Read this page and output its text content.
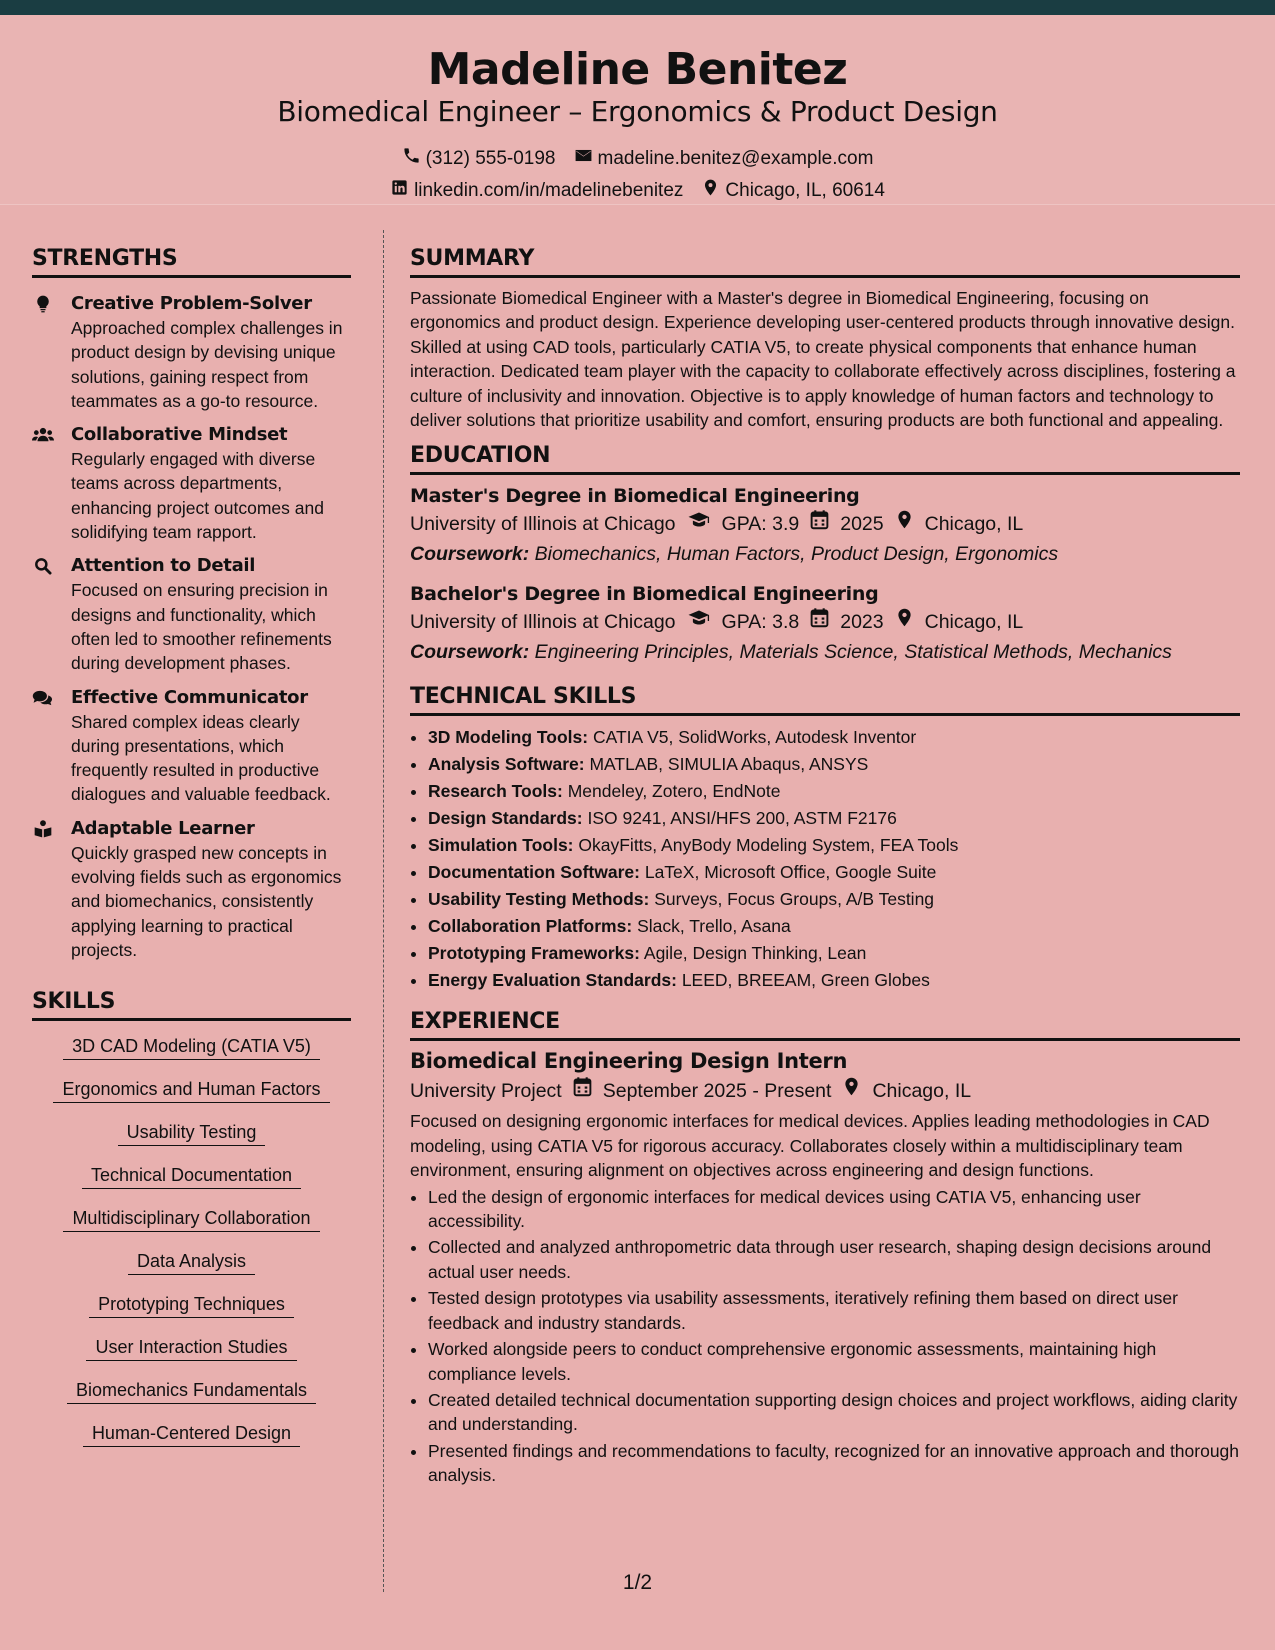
Madeline Benitez
Biomedical Engineer – Ergonomics & Product Design
(312) 555-0198 madeline.benitez@example.com
linkedin.com/in/madelinebenitez Chicago, IL, 60614
STRENGTHS
Creative Problem-Solver
Approached complex challenges in product design by devising unique solutions, gaining respect from teammates as a go-to resource.
Collaborative Mindset
Regularly engaged with diverse teams across departments, enhancing project outcomes and solidifying team rapport.
Attention to Detail
Focused on ensuring precision in designs and functionality, which often led to smoother refinements during development phases.
Effective Communicator
Shared complex ideas clearly during presentations, which frequently resulted in productive dialogues and valuable feedback.
Adaptable Learner
Quickly grasped new concepts in evolving fields such as ergonomics and biomechanics, consistently applying learning to practical projects.
SKILLS
3D CAD Modeling (CATIA V5)
Ergonomics and Human Factors
Usability Testing
Technical Documentation
Multidisciplinary Collaboration
Data Analysis
Prototyping Techniques
User Interaction Studies
Biomechanics Fundamentals
Human-Centered Design
SUMMARY
Passionate Biomedical Engineer with a Master's degree in Biomedical Engineering, focusing on ergonomics and product design. Experience developing user-centered products through innovative design. Skilled at using CAD tools, particularly CATIA V5, to create physical components that enhance human interaction. Dedicated team player with the capacity to collaborate effectively across disciplines, fostering a culture of inclusivity and innovation. Objective is to apply knowledge of human factors and technology to deliver solutions that prioritize usability and comfort, ensuring products are both functional and appealing.
EDUCATION
Master's Degree in Biomedical Engineering
University of Illinois at Chicago GPA: 3.9 2025 Chicago, IL
Coursework: Biomechanics, Human Factors, Product Design, Ergonomics
Bachelor's Degree in Biomedical Engineering
University of Illinois at Chicago GPA: 3.8 2023 Chicago, IL
Coursework: Engineering Principles, Materials Science, Statistical Methods, Mechanics
TECHNICAL SKILLS
• 3D Modeling Tools: CATIA V5, SolidWorks, Autodesk Inventor
• Analysis Software: MATLAB, SIMULIA Abaqus, ANSYS
• Research Tools: Mendeley, Zotero, EndNote
• Design Standards: ISO 9241, ANSI/HFS 200, ASTM F2176
• Simulation Tools: OkayFitts, AnyBody Modeling System, FEA Tools
• Documentation Software: LaTeX, Microsoft Office, Google Suite
• Usability Testing Methods: Surveys, Focus Groups, A/B Testing
• Collaboration Platforms: Slack, Trello, Asana
• Prototyping Frameworks: Agile, Design Thinking, Lean
• Energy Evaluation Standards: LEED, BREEAM, Green Globes
EXPERIENCE
Biomedical Engineering Design Intern
University Project September 2025 - Present Chicago, IL
Focused on designing ergonomic interfaces for medical devices. Applies leading methodologies in CAD modeling, using CATIA V5 for rigorous accuracy. Collaborates closely within a multidisciplinary team environment, ensuring alignment on objectives across engineering and design functions.
• Led the design of ergonomic interfaces for medical devices using CATIA V5, enhancing user accessibility.
• Collected and analyzed anthropometric data through user research, shaping design decisions around actual user needs.
• Tested design prototypes via usability assessments, iteratively refining them based on direct user feedback and industry standards.
• Worked alongside peers to conduct comprehensive ergonomic assessments, maintaining high compliance levels.
• Created detailed technical documentation supporting design choices and project workflows, aiding clarity and understanding.
• Presented findings and recommendations to faculty, recognized for an innovative approach and thorough analysis.
1/2
